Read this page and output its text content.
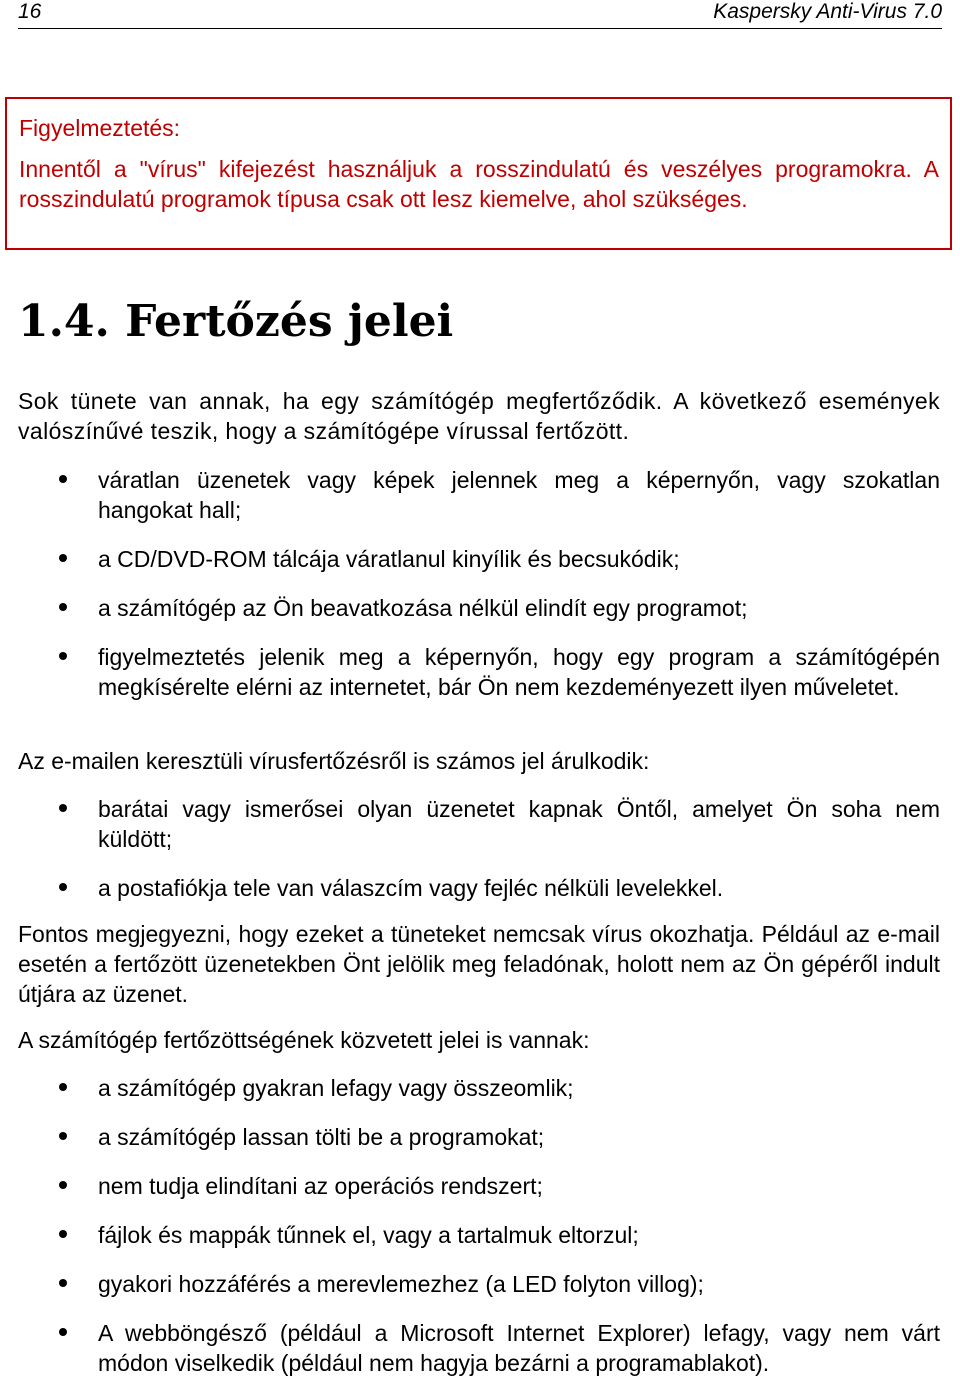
16	Kaspersky Anti-Virus 7.0

Figyelmeztetés:

Innentől a "vírus" kifejezést használjuk a rosszindulatú és veszélyes programokra. A rosszindulatú programok típusa csak ott lesz kiemelve, ahol szükséges.

1.4. Fertőzés jelei

Sok tünete van annak, ha egy számítógép megfertőződik. A következő események valószínűvé teszik, hogy a számítógépe vírussal fertőzött.

váratlan üzenetek vagy képek jelennek meg a képernyőn, vagy szokatlan hangokat hall;
a CD/DVD-ROM tálcája váratlanul kinyílik és becsukódik;
a számítógép az Ön beavatkozása nélkül elindít egy programot;
figyelmeztetés jelenik meg a képernyőn, hogy egy program a számítógépén megkísérelte elérni az internetet, bár Ön nem kezdeményezett ilyen műveletet.

Az e-mailen keresztüli vírusfertőzésről is számos jel árulkodik:

barátai vagy ismerősei olyan üzenetet kapnak Öntől, amelyet Ön soha nem küldött;
a postafiókja tele van válaszcím vagy fejléc nélküli levelekkel.

Fontos megjegyezni, hogy ezeket a tüneteket nemcsak vírus okozhatja. Például az e-mail esetén a fertőzött üzenetekben Önt jelölik meg feladónak, holott nem az Ön gépéről indult útjára az üzenet.

A számítógép fertőzöttségének közvetett jelei is vannak:

a számítógép gyakran lefagy vagy összeomlik;
a számítógép lassan tölti be a programokat;
nem tudja elindítani az operációs rendszert;
fájlok és mappák tűnnek el, vagy a tartalmuk eltorzul;
gyakori hozzáférés a merevlemezhez (a LED folyton villog);
A webböngésző (például a Microsoft Internet Explorer) lefagy, vagy nem várt módon viselkedik (például nem hagyja bezárni a programablakot).
